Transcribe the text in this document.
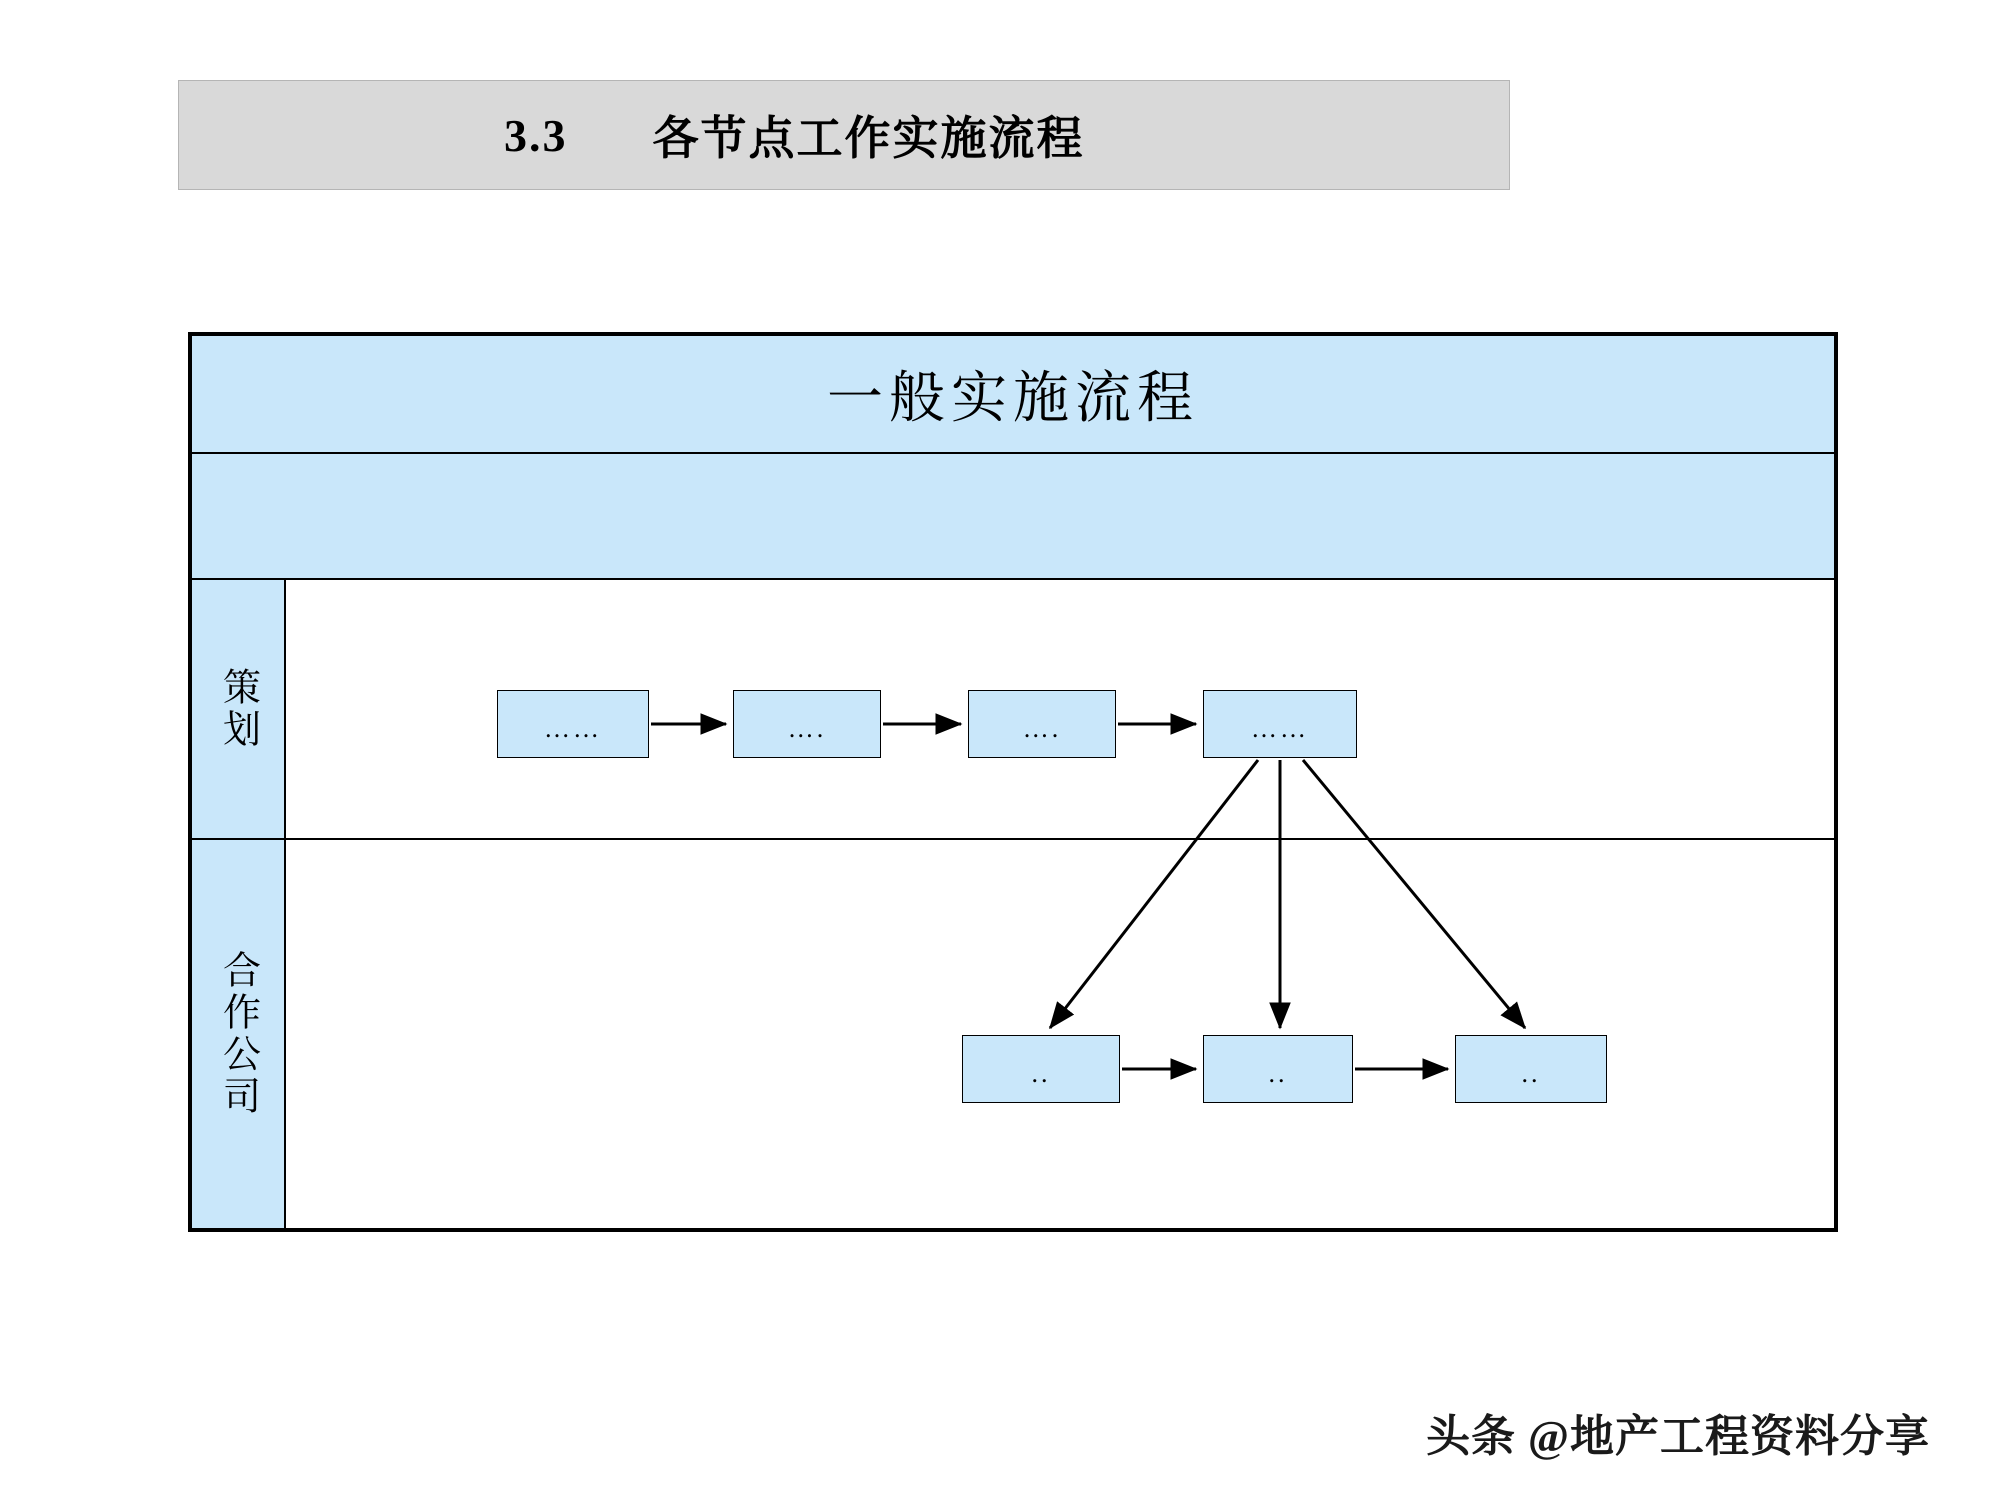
3.3 各节点工作实施流程
一般实施流程
策划
合作公司
……	….	….	……
..	..	..
头条 @地产工程资料分享
